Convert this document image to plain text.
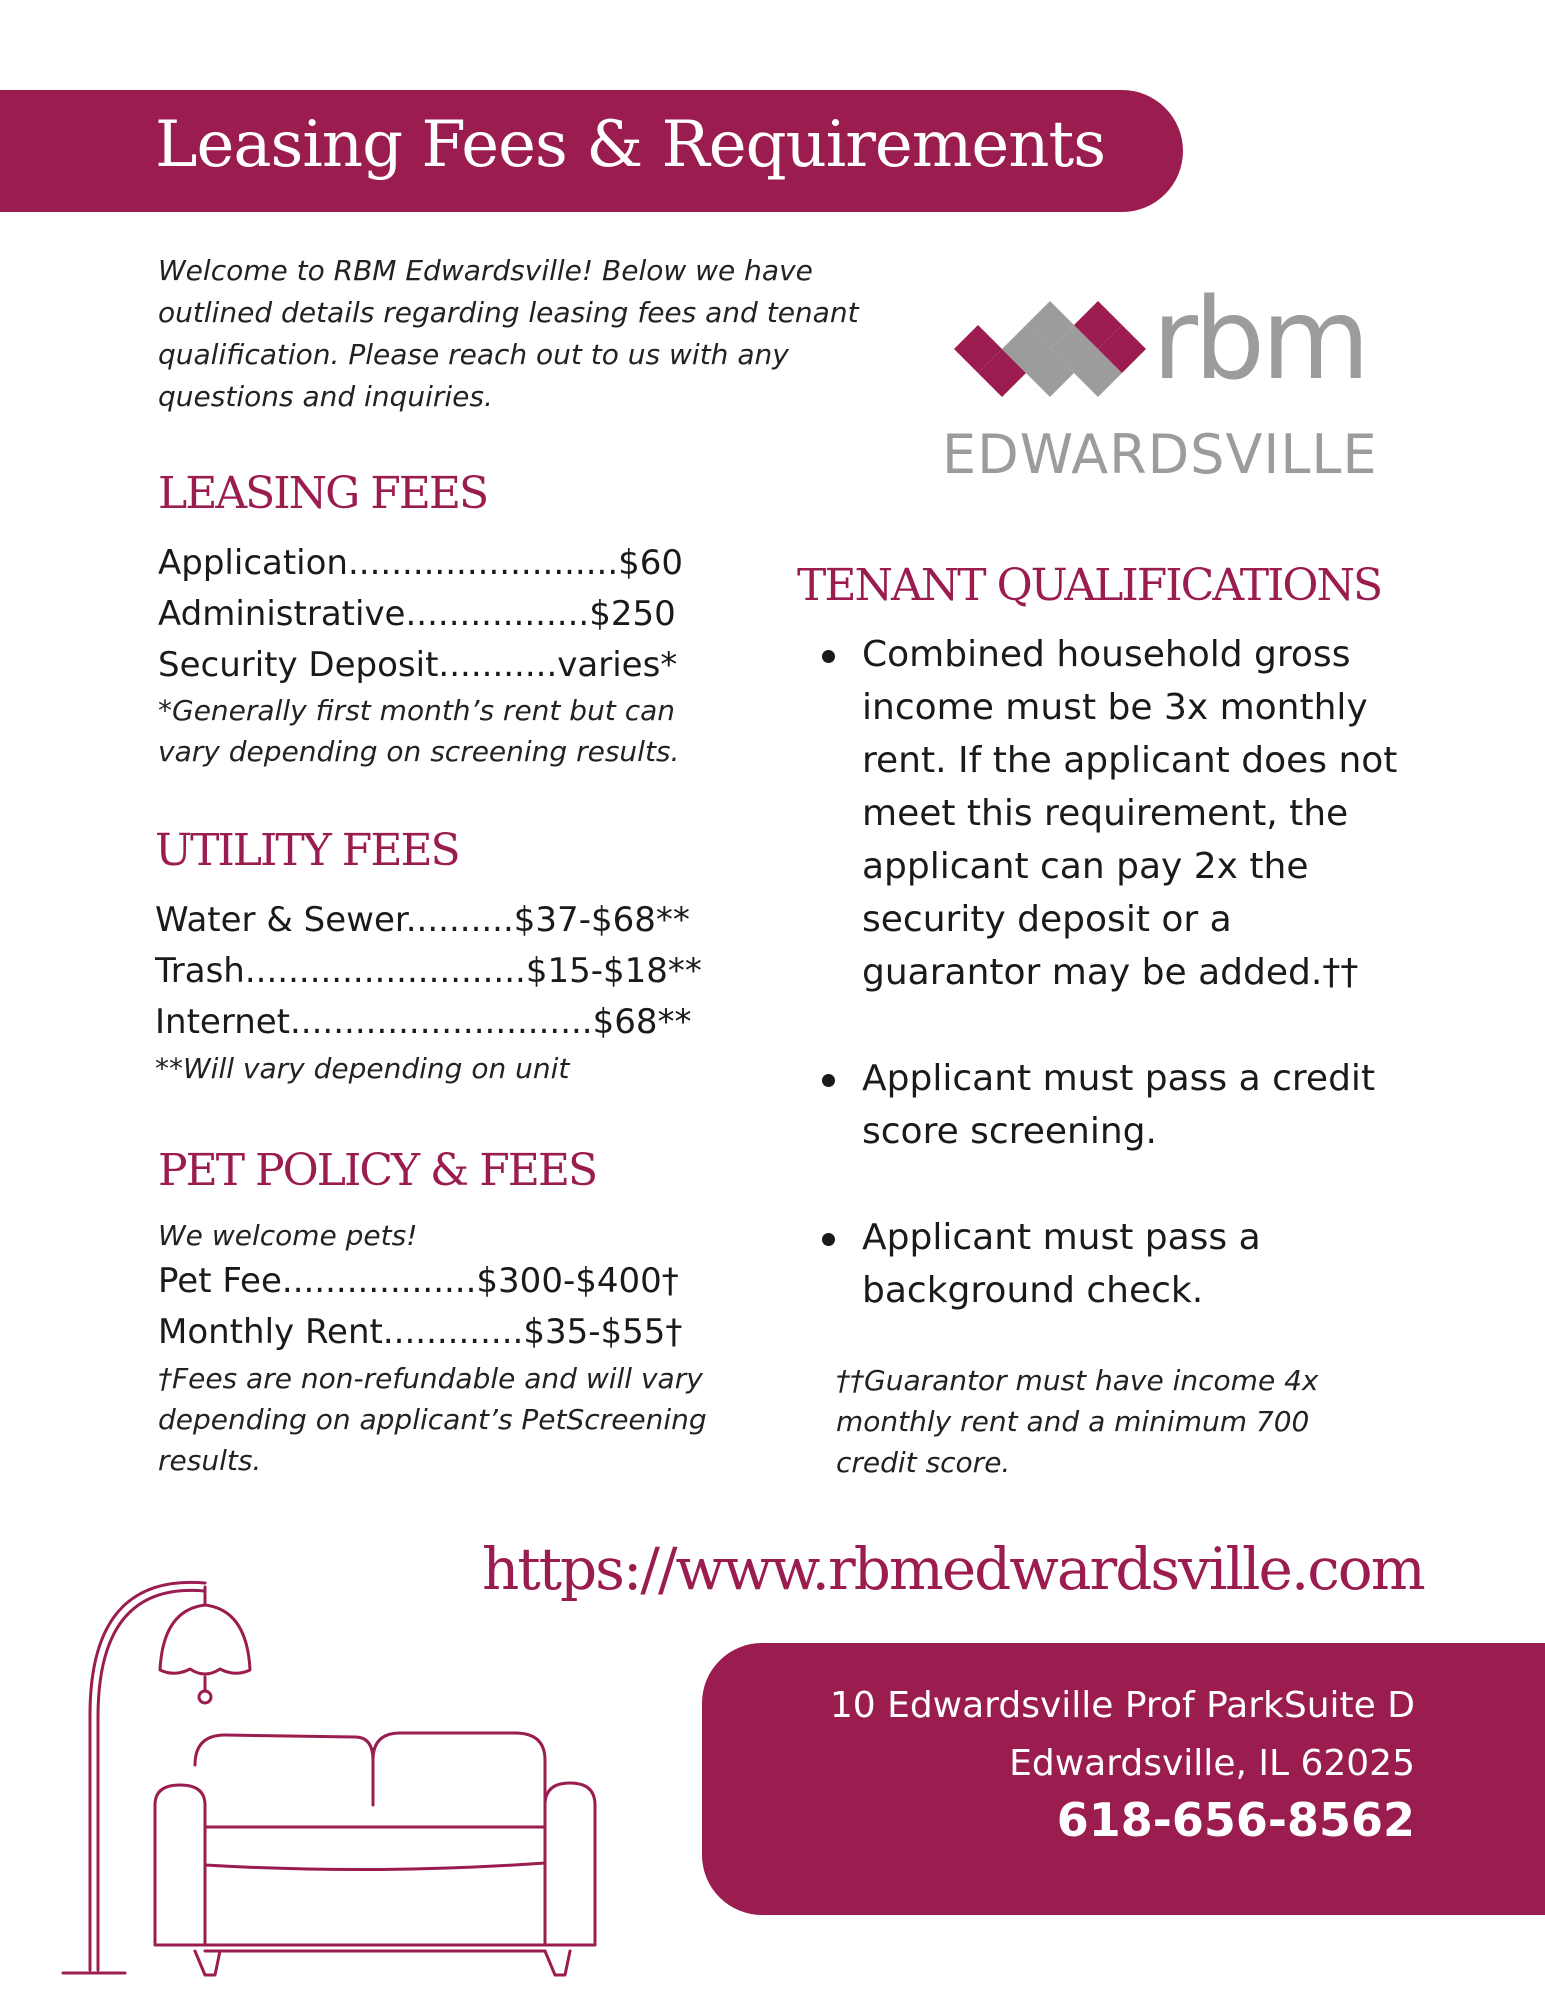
Leasing Fees & Requirements
Welcome to RBM Edwardsville! Below we have outlined details regarding leasing fees and tenant qualification. Please reach out to us with any questions and inquiries.	rbm
EDWARDSVILLE
LEASING FEES
Application.........................$60
Administrative.................$250
Security Deposit...........varies*
*Generally first month’s rent but can vary depending on screening results.
UTILITY FEES
Water & Sewer..........$37-$68**
Trash..........................$15-$18**
Internet............................$68**
**Will vary depending on unit
PET POLICY & FEES
We welcome pets!
Pet Fee..................$300-$400†
Monthly Rent.............$35-$55†
†Fees are non-refundable and will vary depending on applicant’s PetScreening results.
TENANT QUALIFICATIONS
Combined household gross income must be 3x monthly rent. If the applicant does not meet this requirement, the applicant can pay 2x the security deposit or a guarantor may be added.††
Applicant must pass a credit score screening.
Applicant must pass a background check.
††Guarantor must have income 4x monthly rent and a minimum 700 credit score.
https://www.rbmedwardsville.com
10 Edwardsville Prof ParkSuite D
Edwardsville, IL 62025
618-656-8562
